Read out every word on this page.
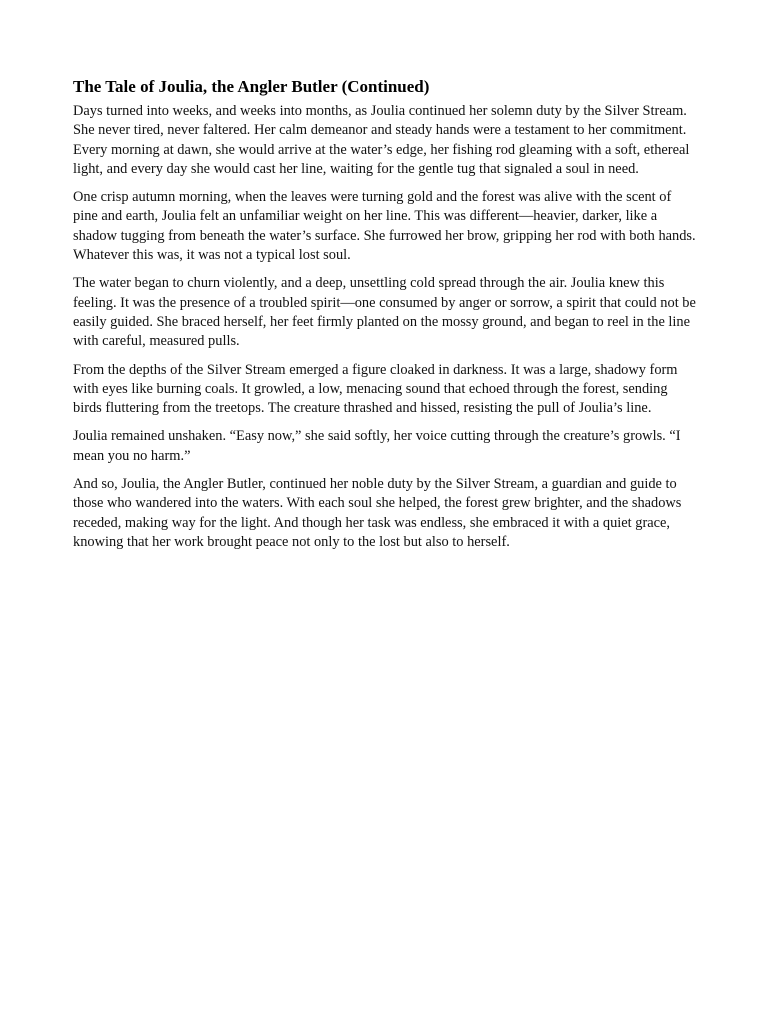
The Tale of Joulia, the Angler Butler (Continued)

Days turned into weeks, and weeks into months, as Joulia continued her solemn duty by the Silver Stream. She never tired, never faltered. Her calm demeanor and steady hands were a testament to her commitment. Every morning at dawn, she would arrive at the water’s edge, her fishing rod gleaming with a soft, ethereal light, and every day she would cast her line, waiting for the gentle tug that signaled a soul in need.

One crisp autumn morning, when the leaves were turning gold and the forest was alive with the scent of pine and earth, Joulia felt an unfamiliar weight on her line. This was different—heavier, darker, like a shadow tugging from beneath the water’s surface. She furrowed her brow, gripping her rod with both hands. Whatever this was, it was not a typical lost soul.

The water began to churn violently, and a deep, unsettling cold spread through the air. Joulia knew this feeling. It was the presence of a troubled spirit—one consumed by anger or sorrow, a spirit that could not be easily guided. She braced herself, her feet firmly planted on the mossy ground, and began to reel in the line with careful, measured pulls.

From the depths of the Silver Stream emerged a figure cloaked in darkness. It was a large, shadowy form with eyes like burning coals. It growled, a low, menacing sound that echoed through the forest, sending birds fluttering from the treetops. The creature thrashed and hissed, resisting the pull of Joulia’s line.

Joulia remained unshaken. “Easy now,” she said softly, her voice cutting through the creature’s growls. “I mean you no harm.”

And so, Joulia, the Angler Butler, continued her noble duty by the Silver Stream, a guardian and guide to those who wandered into the waters. With each soul she helped, the forest grew brighter, and the shadows receded, making way for the light. And though her task was endless, she embraced it with a quiet grace, knowing that her work brought peace not only to the lost but also to herself.
